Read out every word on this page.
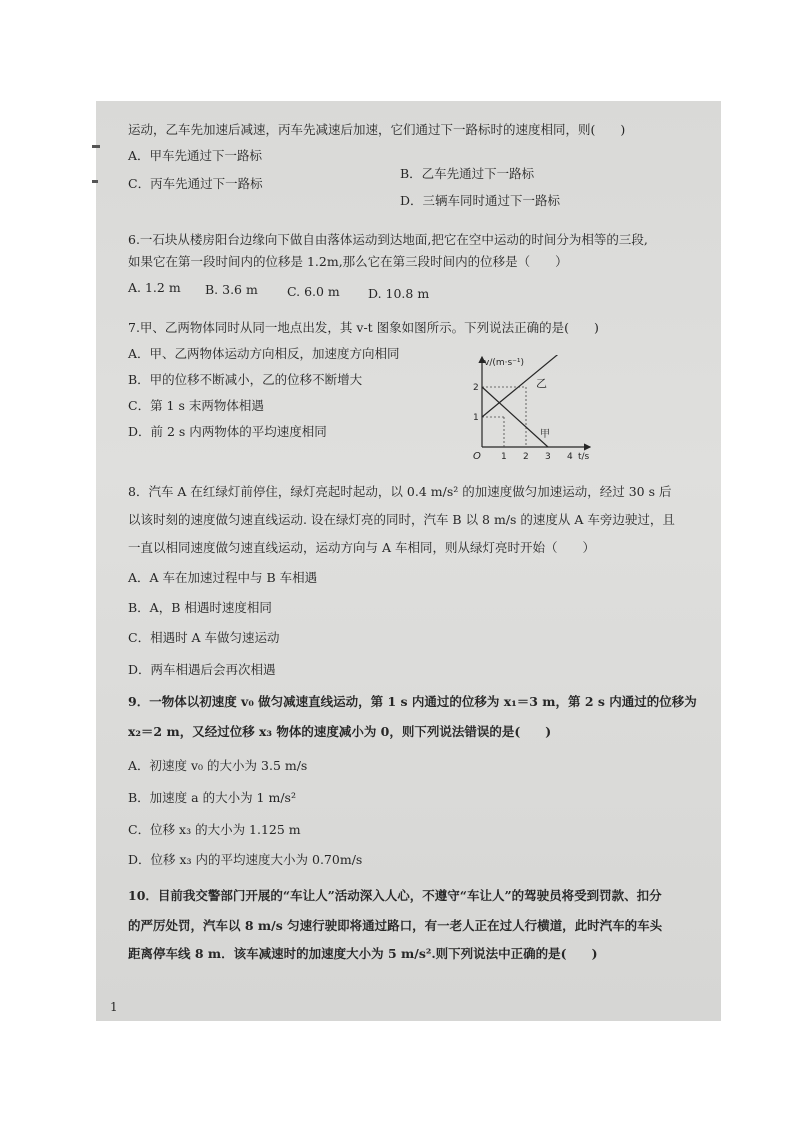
运动，乙车先加速后减速，丙车先减速后加速，它们通过下一路标时的速度相同，则(　　)
A．甲车先通过下一路标
B．乙车先通过下一路标
C．丙车先通过下一路标
D．三辆车同时通过下一路标
6.一石块从楼房阳台边缘向下做自由落体运动到达地面,把它在空中运动的时间分为相等的三段,
如果它在第一段时间内的位移是 1.2m,那么它在第三段时间内的位移是（　　）
A. 1.2 m B. 3.6 m C. 6.0 m D. 10.8 m
7.甲、乙两物体同时从同一地点出发，其 v-t 图象如图所示。下列说法正确的是(　　)
A．甲、乙两物体运动方向相反，加速度方向相同
B．甲的位移不断减小，乙的位移不断增大
C．第 1 s 末两物体相遇
D．前 2 s 内两物体的平均速度相同
v/(m·s⁻¹)
t/s
O
1
2
1 2 3 4
乙
甲
8．汽车 A 在红绿灯前停住，绿灯亮起时起动，以 0.4 m/s² 的加速度做匀加速运动，经过 30 s 后
以该时刻的速度做匀速直线运动. 设在绿灯亮的同时，汽车 B 以 8 m/s 的速度从 A 车旁边驶过，且
一直以相同速度做匀速直线运动，运动方向与 A 车相同，则从绿灯亮时开始（　　）
A．A 车在加速过程中与 B 车相遇
B．A，B 相遇时速度相同
C．相遇时 A 车做匀速运动
D．两车相遇后会再次相遇
9．一物体以初速度 v₀ 做匀减速直线运动，第 1 s 内通过的位移为 x₁＝3 m，第 2 s 内通过的位移为
x₂＝2 m，又经过位移 x₃ 物体的速度减小为 0，则下列说法错误的是(　　)
A．初速度 v₀ 的大小为 3.5 m/s
B．加速度 a 的大小为 1 m/s²
C．位移 x₃ 的大小为 1.125 m
D．位移 x₃ 内的平均速度大小为 0.70m/s
10．目前我交警部门开展的“车让人”活动深入人心，不遵守“车让人”的驾驶员将受到罚款、扣分
的严厉处罚，汽车以 8 m/s 匀速行驶即将通过路口，有一老人正在过人行横道，此时汽车的车头
距离停车线 8 m．该车减速时的加速度大小为 5 m/s².则下列说法中正确的是(　　)
1
